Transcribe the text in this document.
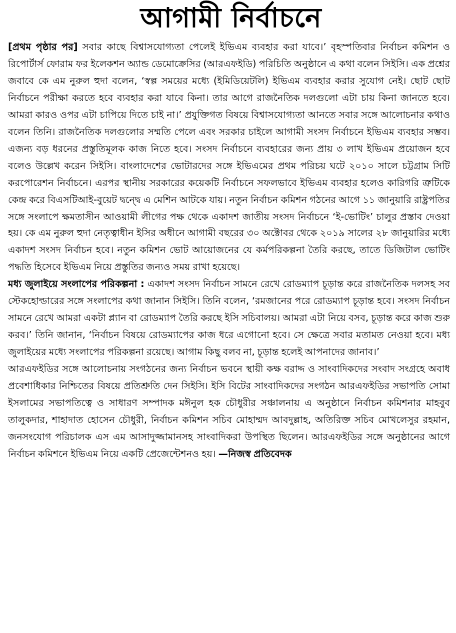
আগামী নির্বাচনে

[প্রথম পৃষ্ঠার পর] সবার কাছে বিশ্বাসযোগ্যতা পেলেই ইভিএম ব্যবহার করা যাবে।’ বৃহস্পতিবার নির্বাচন কমিশন ও রিপোর্টার্স ফোরাম ফর ইলেকশন অ্যান্ড ডেমোক্রেসির (আরএফইডি) পরিচিতি অনুষ্ঠানে এ কথা বলেন সিইসি। এক প্রশ্নের জবাবে কে এম নুরুল হুদা বলেন, ‘স্বল্প সময়ের মধ্যে (ইমিডিয়েটলি) ইভিএম ব্যবহার করার সুযোগ নেই। ছোট ছোট নির্বাচনে পরীক্ষা করতে হবে ব্যবহার করা যাবে কিনা। তার আগে রাজনৈতিক দলগুলো এটা চায় কিনা জানতে হবে। আমরা কারও ওপর এটা চাপিয়ে দিতে চাই না।’ প্রযুক্তিগত বিষয়ে বিশ্বাসযোগ্যতা আনতে সবার সঙ্গে আলোচনার কথাও বলেন তিনি। রাজনৈতিক দলগুলোর সম্মতি পেলে এবং সরকার চাইলে আগামী সংসদ নির্বাচনে ইভিএম ব্যবহার সম্ভব। এজন্য বড় ধরনের প্রস্তুতিমূলক কাজ নিতে হবে। সংসদ নির্বাচনে ব্যবহারের জন্য প্রায় ৩ লাখ ইভিএম প্রয়োজন হবে বলেও উল্লেখ করেন সিইসি। বাংলাদেশের ভোটারদের সঙ্গে ইভিএমের প্রথম পরিচয় ঘটে ২০১০ সালে চট্টগ্রাম সিটি করপোরেশন নির্বাচনে। এরপর স্থানীয় সরকারের কয়েকটি নির্বাচনে সফলভাবে ইভিএম ব্যবহার হলেও কারিগরি ত্রুটিকে কেন্দ্র করে বিএসটিআই-বুয়েট দ্বন্দ্বে এ মেশিন আটকে যায়। নতুন নির্বাচন কমিশন গঠনের আগে ১১ জানুয়ারি রাষ্ট্রপতির সঙ্গে সংলাপে ক্ষমতাসীন আওয়ামী লীগের পক্ষ থেকে একাদশ জাতীয় সংসদ নির্বাচনে ‘ই-ভোটিং’ চালুর প্রস্তাব দেওয়া হয়। কে এম নুরুল হুদা নেতৃত্বাধীন ইসির অধীনে আগামী বছরের ৩০ অক্টোবর থেকে ২০১৯ সালের ২৮ জানুয়ারির মধ্যে একাদশ সংসদ নির্বাচন হবে। নতুন কমিশন ভোট আয়োজনের যে কর্মপরিকল্পনা তৈরি করছে, তাতে ডিজিটাল ভোটিং পদ্ধতি হিসেবে ইভিএম নিয়ে প্রস্তুতির জন্যও সময় রাখা হয়েছে।

মধ্য জুলাইয়ে সংলাপের পরিকল্পনা : একাদশ সংসদ নির্বাচন সামনে রেখে রোডম্যাপ চূড়ান্ত করে রাজনৈতিক দলসহ সব স্টেকহোল্ডারের সঙ্গে সংলাপের কথা জানান সিইসি। তিনি বলেন, ‘রমজানের পরে রোডম্যাপ চূড়ান্ত হবে। সংসদ নির্বাচন সামনে রেখে আমরা একটা প্ল্যান বা রোডম্যাপ তৈরি করছে ইসি সচিবালয়। আমরা এটা নিয়ে বসব, চূড়ান্ত করে কাজ শুরু করব।’ তিনি জানান, ‘নির্বাচন বিষয়ে রোডম্যাপের কাজ ধরে এগোনো হবে। সে ক্ষেত্রে সবার মতামত নেওয়া হবে। মধ্য জুলাইয়ের মধ্যে সংলাপের পরিকল্পনা রয়েছে। আগাম কিছু বলব না, চূড়ান্ত হলেই আপনাদের জানাব।’

আরএফইডির সঙ্গে আলোচনায় সংগঠনের জন্য নির্বাচন ভবনে স্থায়ী কক্ষ বরাদ্দ ও সাংবাদিকদের সংবাদ সংগ্রহে অবাধ প্রবেশাধিকার নিশ্চিতের বিষয়ে প্রতিশ্রুতি দেন সিইসি। ইসি বিটের সাংবাদিকদের সংগঠন আরএফইডির সভাপতি সোমা ইসলামের সভাপতিত্বে ও সাধারণ সম্পাদক মঈনুল হক চৌধুরীর সঞ্চালনায় এ অনুষ্ঠানে নির্বাচন কমিশনার মাহবুব তালুকদার, শাহাদাত হোসেন চৌধুরী, নির্বাচন কমিশন সচিব মোহাম্মদ আবদুল্লাহ, অতিরিক্ত সচিব মোখলেসুর রহমান, জনসংযোগ পরিচালক এস এম আসাদুজ্জামানসহ সাংবাদিকরা উপস্থিত ছিলেন। আরএফইডির সঙ্গে অনুষ্ঠানের আগে নির্বাচন কমিশনে ইভিএম নিয়ে একটি প্রেজেন্টেশনও হয়। —নিজস্ব প্রতিবেদক
